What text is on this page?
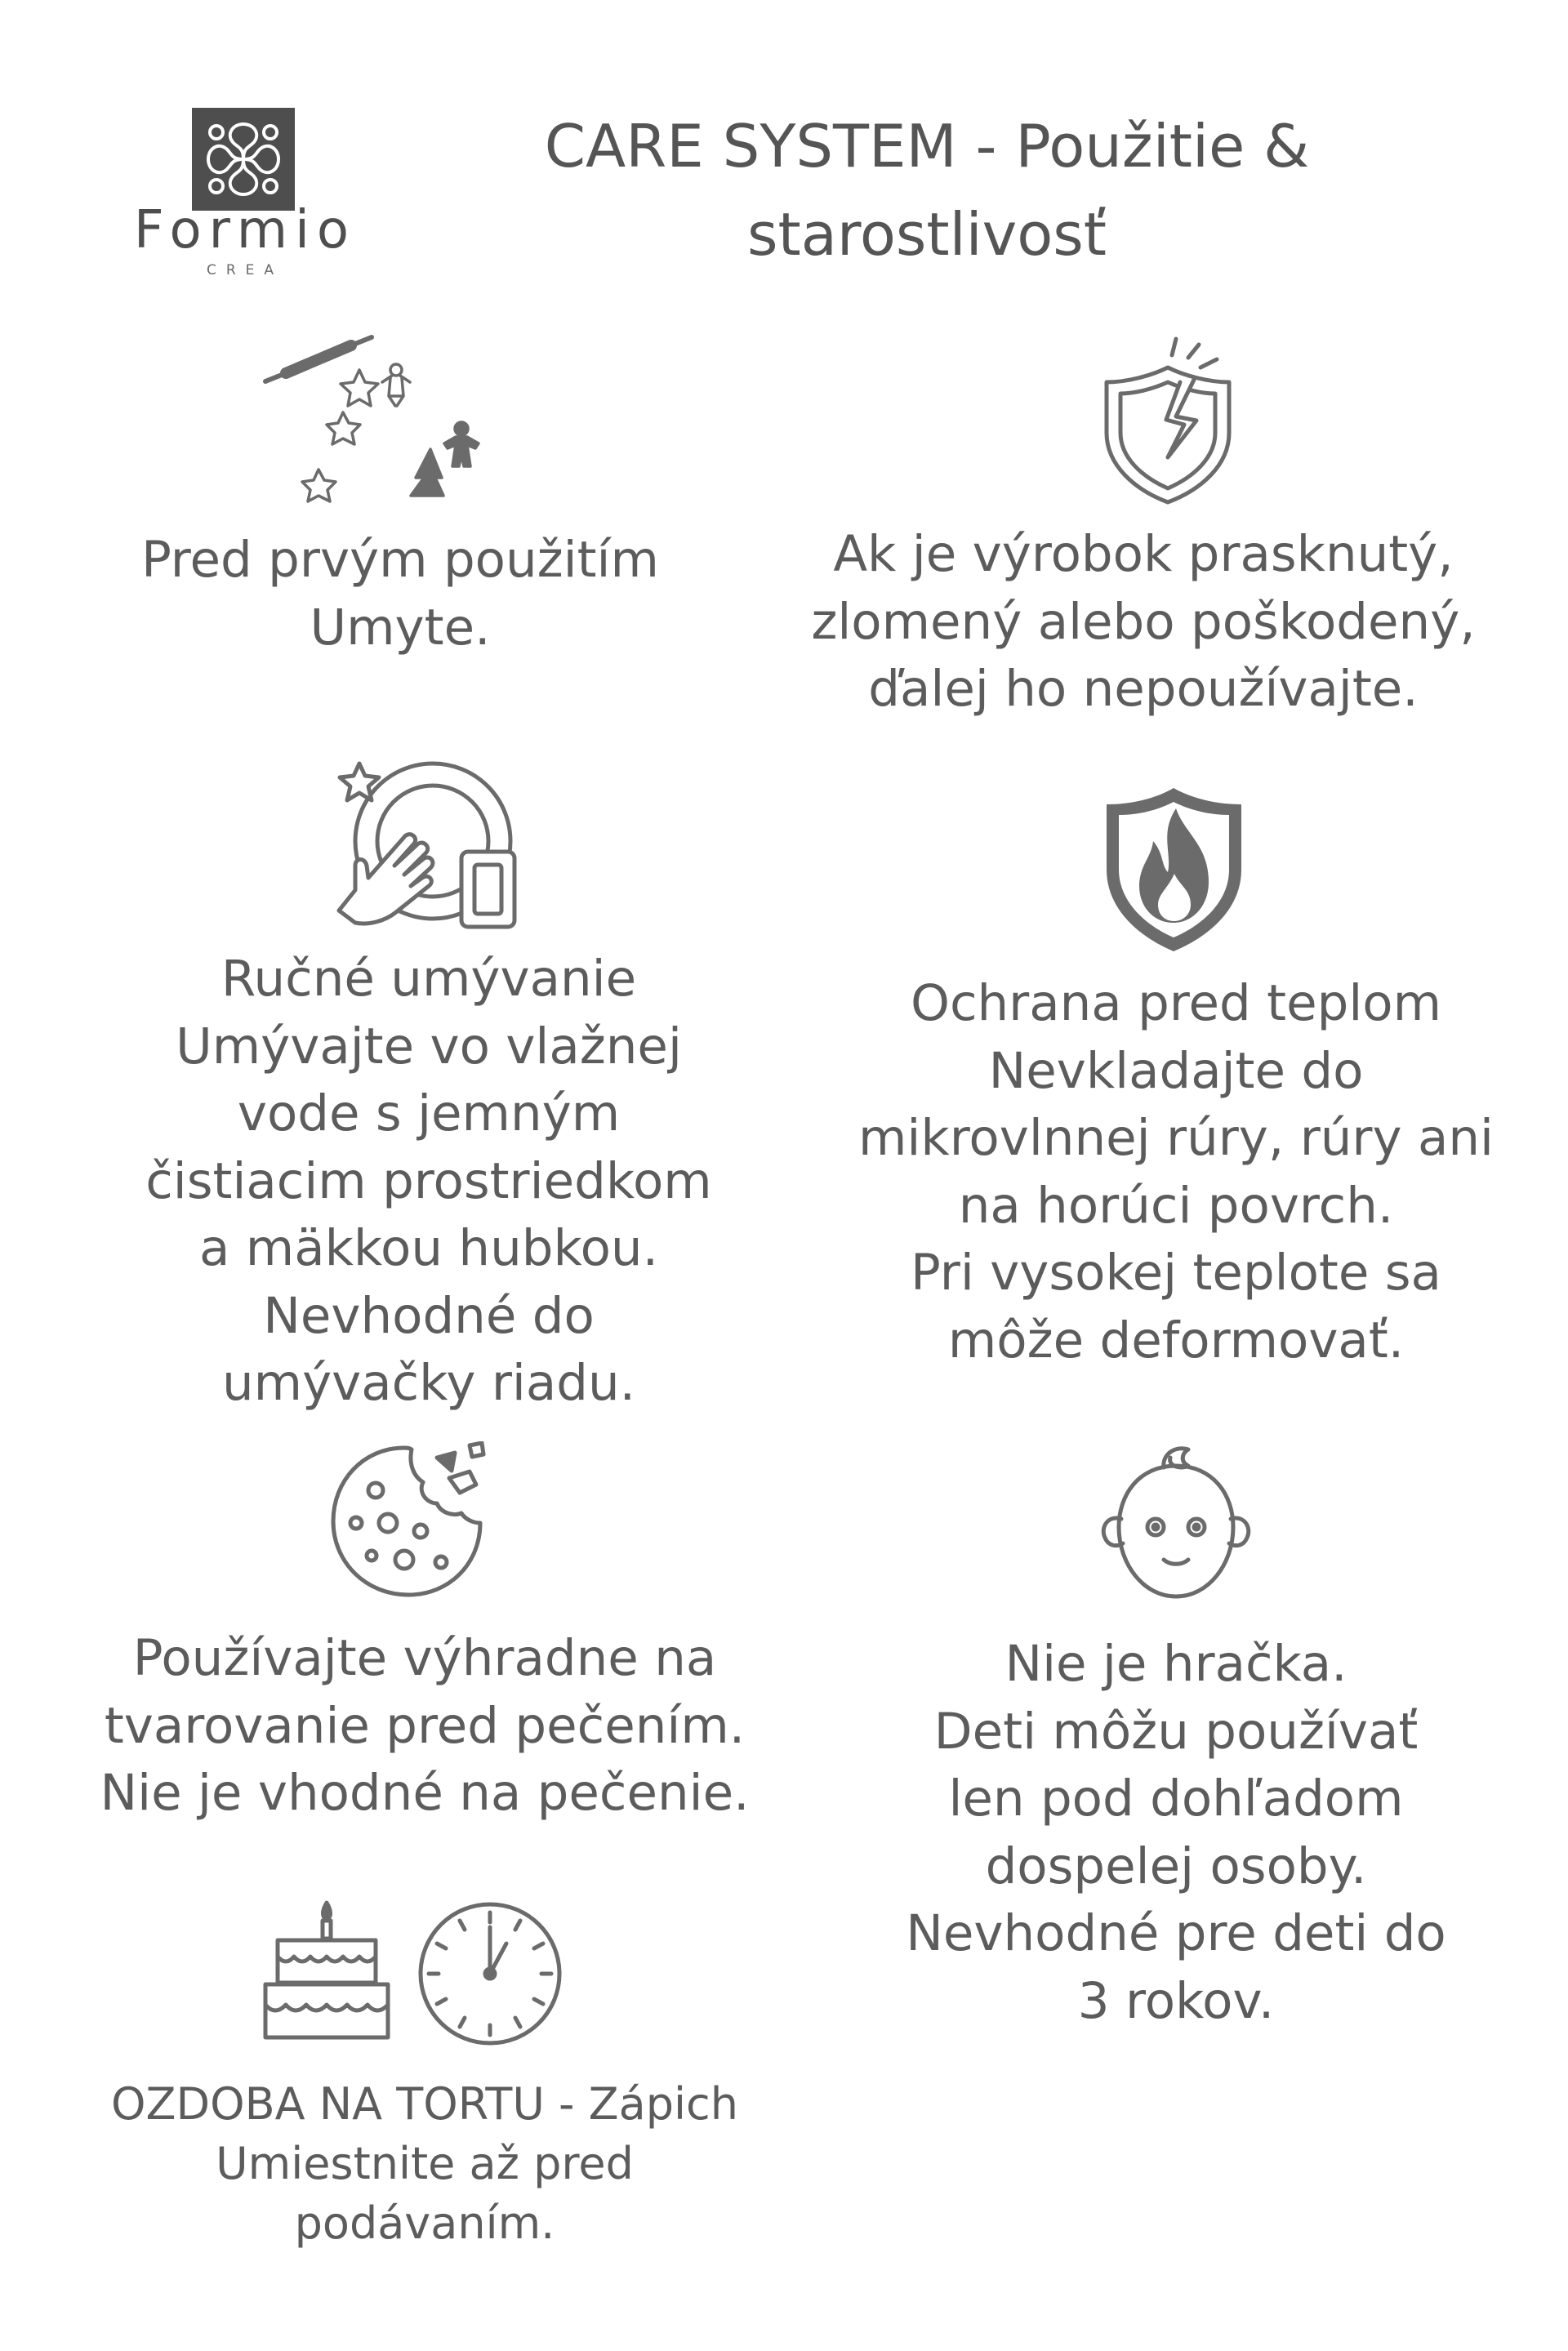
Formio
CREA
CARE SYSTEM - Použitie & starostlivosť
Pred prvým použitím
Umyte.
Ak je výrobok prasknutý,
zlomený alebo poškodený,
ďalej ho nepoužívajte.
Ručné umývanie
Umývajte vo vlažnej
vode s jemným
čistiacim prostriedkom
a mäkkou hubkou.
Nevhodné do
umývačky riadu.
Ochrana pred teplom
Nevkladajte do
mikrovlnnej rúry, rúry ani
na horúci povrch.
Pri vysokej teplote sa
môže deformovať.
Používajte výhradne na
tvarovanie pred pečením.
Nie je vhodné na pečenie.
Nie je hračka.
Deti môžu používať
len pod dohľadom
dospelej osoby.
Nevhodné pre deti do
3 rokov.
OZDOBA NA TORTU - Zápich
Umiestnite až pred
podávaním.
